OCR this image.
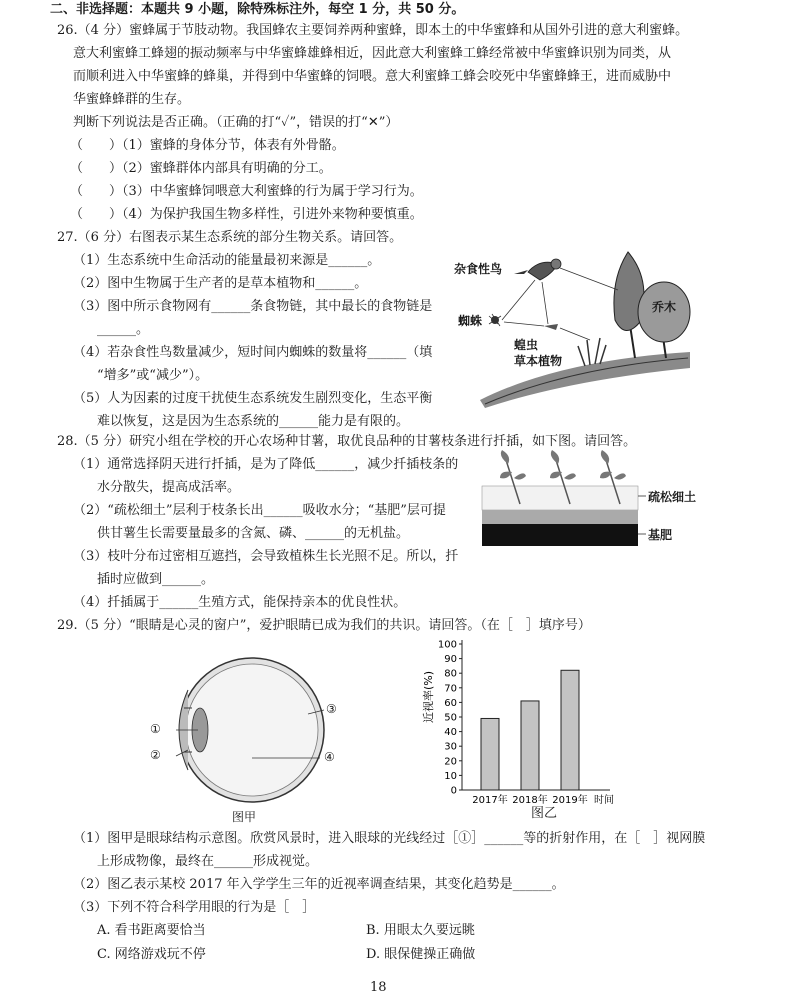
二、非选择题：本题共 9 小题，除特殊标注外，每空 1 分，共 50 分。
26.（4 分）蜜蜂属于节肢动物。我国蜂农主要饲养两种蜜蜂，即本土的中华蜜蜂和从国外引进的意大利蜜蜂。
意大利蜜蜂工蜂翅的振动频率与中华蜜蜂雄蜂相近，因此意大利蜜蜂工蜂经常被中华蜜蜂识别为同类，从
而顺利进入中华蜜蜂的蜂巢，并得到中华蜜蜂的饲喂。意大利蜜蜂工蜂会咬死中华蜜蜂蜂王，进而威胁中
华蜜蜂蜂群的生存。
判断下列说法是否正确。（正确的打“✓”，错误的打“✕”）
（　　）（1）蜜蜂的身体分节，体表有外骨骼。
（　　）（2）蜜蜂群体内部具有明确的分工。
（　　）（3）中华蜜蜂饲喂意大利蜜蜂的行为属于学习行为。
（　　）（4）为保护我国生物多样性，引进外来物种要慎重。
27.（6 分）右图表示某生态系统的部分生物关系。请回答。
（1）生态系统中生命活动的能量最初来源是______。
（2）图中生物属于生产者的是草本植物和______。
（3）图中所示食物网有______条食物链，其中最长的食物链是
______。
（4）若杂食性鸟数量减少，短时间内蜘蛛的数量将______（填
“增多”或“减少”）。
（5）人为因素的过度干扰使生态系统发生剧烈变化，生态平衡
难以恢复，这是因为生态系统的______能力是有限的。
杂食性鸟
乔木
蜘蛛
蝗虫
草本植物
28.（5 分）研究小组在学校的开心农场种甘薯，取优良品种的甘薯枝条进行扦插，如下图。请回答。
（1）通常选择阴天进行扦插，是为了降低______，减少扦插枝条的
水分散失，提高成活率。
（2）“疏松细土”层利于枝条长出______吸收水分；“基肥”层可提
供甘薯生长需要量最多的含氮、磷、______的无机盐。
（3）枝叶分布过密相互遮挡，会导致植株生长光照不足。所以，扦
插时应做到______。
（4）扦插属于______生殖方式，能保持亲本的优良性状。
疏松细土
基肥
29.（5 分）“眼睛是心灵的窗户”，爱护眼睛已成为我们的共识。请回答。（在［　］填序号）
①
②
③
④
图甲
0
10
20
30
40
50
60
70
80
90
100
2017年 2018年 2019年 时间
近视率(%)
图乙
（1）图甲是眼球结构示意图。欣赏风景时，进入眼球的光线经过［①］______等的折射作用，在［　］视网膜
上形成物像，最终在______形成视觉。
（2）图乙表示某校 2017 年入学学生三年的近视率调查结果，其变化趋势是______。
（3）下列不符合科学用眼的行为是［　］
A. 看书距离要恰当	B. 用眼太久要远眺
C. 网络游戏玩不停	D. 眼保健操正确做
18
